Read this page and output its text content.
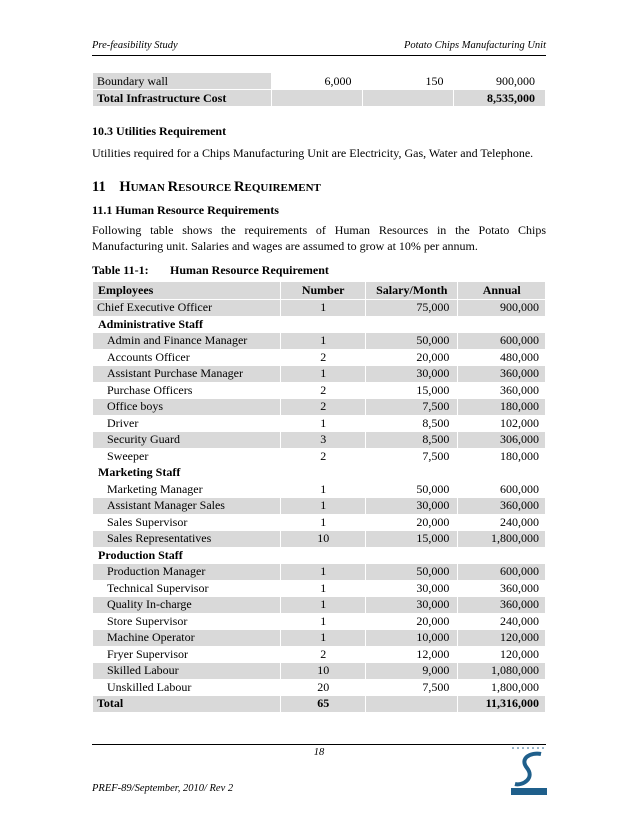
Pre-feasibility Study	Potato Chips Manufacturing Unit
Boundary wall	6,000	150	900,000
Total Infrastructure Cost			8,535,000
10.3 Utilities Requirement
Utilities required for a Chips Manufacturing Unit are Electricity, Gas, Water and Telephone.
11 HUMAN RESOURCE REQUIREMENT
11.1 Human Resource Requirements
Following table shows the requirements of Human Resources in the Potato Chips Manufacturing unit. Salaries and wages are assumed to grow at 10% per annum.
Table 11-1: Human Resource Requirement
Employees	Number	Salary/Month	Annual
Chief Executive Officer	1	75,000	900,000
Administrative Staff			
Admin and Finance Manager	1	50,000	600,000
Accounts Officer	2	20,000	480,000
Assistant Purchase Manager	1	30,000	360,000
Purchase Officers	2	15,000	360,000
Office boys	2	7,500	180,000
Driver	1	8,500	102,000
Security Guard	3	8,500	306,000
Sweeper	2	7,500	180,000
Marketing Staff			
Marketing Manager	1	50,000	600,000
Assistant Manager Sales	1	30,000	360,000
Sales Supervisor	1	20,000	240,000
Sales Representatives	10	15,000	1,800,000
Production Staff			
Production Manager	1	50,000	600,000
Technical Supervisor	1	30,000	360,000
Quality In-charge	1	30,000	360,000
Store Supervisor	1	20,000	240,000
Machine Operator	1	10,000	120,000
Fryer Supervisor	2	12,000	120,000
Skilled Labour	10	9,000	1,080,000
Unskilled Labour	20	7,500	1,800,000
Total	65		11,316,000
18
PREF-89/September, 2010/ Rev 2
